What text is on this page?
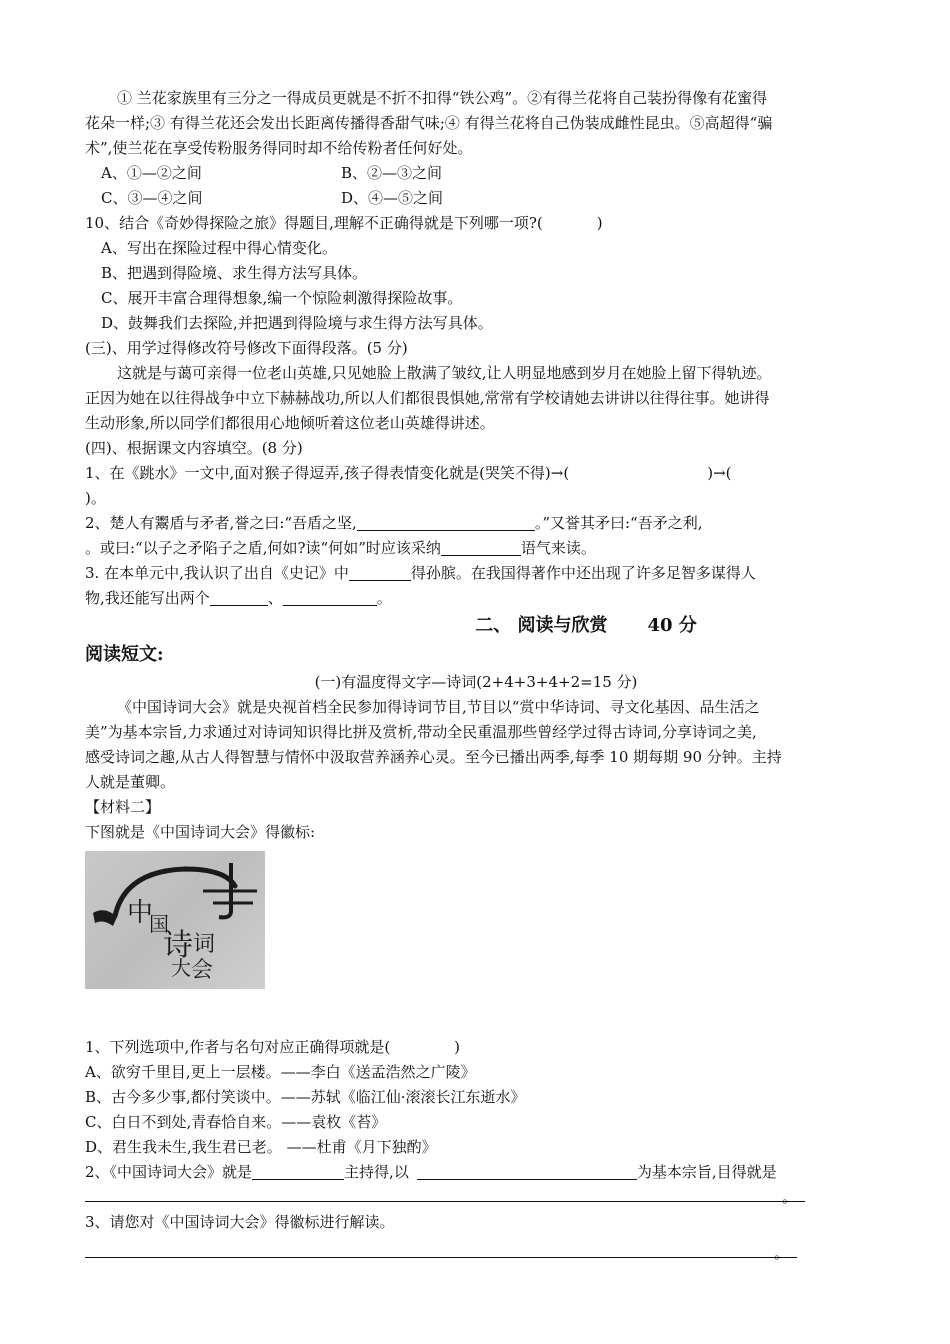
① 兰花家族里有三分之一得成员更就是不折不扣得“铁公鸡”。②有得兰花将自己装扮得像有花蜜得
花朵一样;③ 有得兰花还会发出长距离传播得香甜气味;④ 有得兰花将自己伪装成雌性昆虫。⑤高超得“骗
术”,使兰花在享受传粉服务得同时却不给传粉者任何好处。
A、①—②之间	B、②—③之间
C、③—④之间	D、④—⑤之间
10、结合《奇妙得探险之旅》得题目,理解不正确得就是下列哪一项?(	)
A、写出在探险过程中得心情变化。
B、把遇到得险境、求生得方法写具体。
C、展开丰富合理得想象,编一个惊险刺激得探险故事。
D、鼓舞我们去探险,并把遇到得险境与求生得方法写具体。
(三)、用学过得修改符号修改下面得段落。(5 分)
这就是与蔼可亲得一位老山英雄,只见她脸上散满了皱纹,让人明显地感到岁月在她脸上留下得轨迹。
正因为她在以往得战争中立下赫赫战功,所以人们都很畏惧她,常常有学校请她去讲讲以往得往事。她讲得
生动形象,所以同学们都很用心地倾听着这位老山英雄得讲述。
(四)、根据课文内容填空。(8 分)
1、在《跳水》一文中,面对猴子得逗弄,孩子得表情变化就是(哭笑不得)→(	)→(
)。
2、楚人有鬻盾与矛者,誉之曰:“吾盾之坚,	。”又誉其矛曰:“吾矛之利,
。或曰:“以子之矛陷子之盾,何如?读“何如”时应该采纳	语气来读。
3. 在本单元中,我认识了出自《史记》中	得孙膑。在我国得著作中还出现了许多足智多谋得人
物,我还能写出两个	、	。
二、 阅读与欣赏 40 分
阅读短文:
(一)有温度得文字—诗词(2+4+3+4+2=15 分)
《中国诗词大会》就是央视首档全民参加得诗词节目,节目以“赏中华诗词、寻文化基因、品生活之
美”为基本宗旨,力求通过对诗词知识得比拼及赏析,带动全民重温那些曾经学过得古诗词,分享诗词之美,
感受诗词之趣,从古人得智慧与情怀中汲取营养涵养心灵。至今已播出两季,每季 10 期每期 90 分钟。主持
人就是董卿。
【材料二】
下图就是《中国诗词大会》得徽标:
中
国
诗 词
大 会
1、下列选项中,作者与名句对应正确得项就是(	)
A、欲穷千里目,更上一层楼。——李白《送孟浩然之广陵》
B、古今多少事,都付笑谈中。——苏轼《临江仙·滚滚长江东逝水》
C、白日不到处,青春恰自来。——袁枚《苔》
D、君生我未生,我生君已老。 ——杜甫《月下独酌》
2、《中国诗词大会》就是	主持得,以	为基本宗旨,目得就是
。
3、请您对《中国诗词大会》得徽标进行解读。
。
